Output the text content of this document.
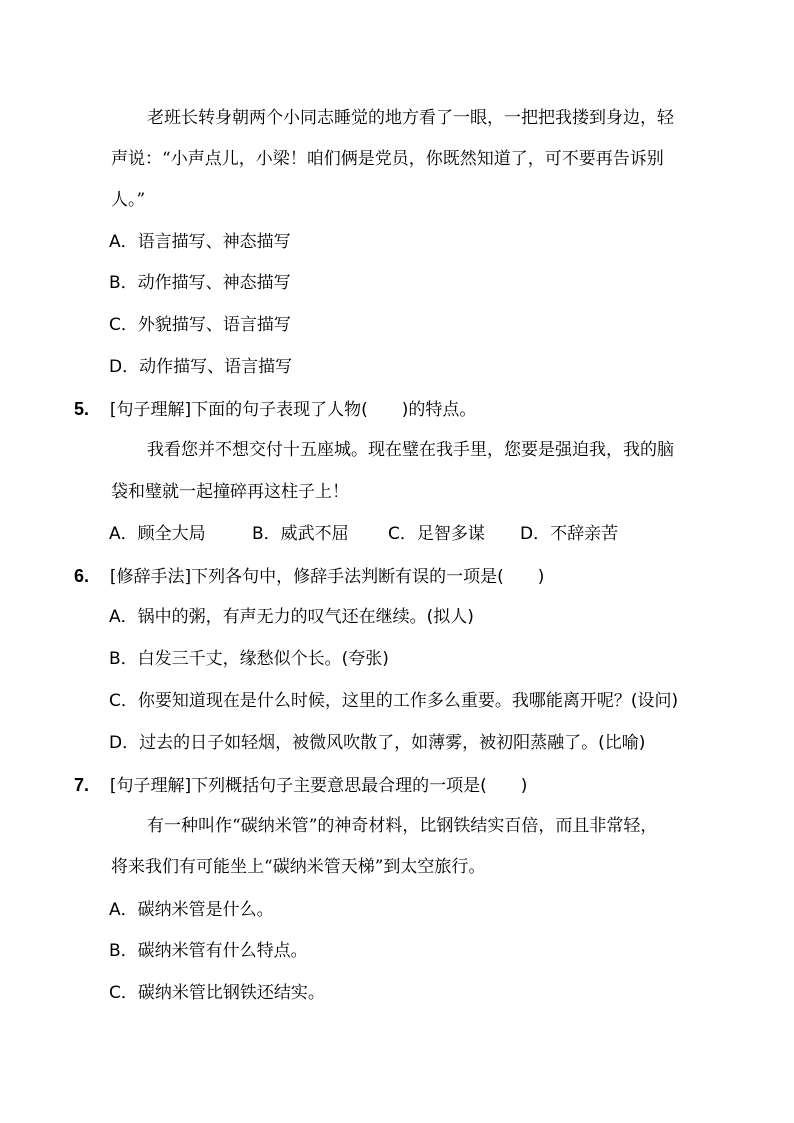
老班长转身朝两个小同志睡觉的地方看了一眼，一把把我搂到身边，轻
声说：“小声点儿，小梁！咱们俩是党员，你既然知道了，可不要再告诉别
人。”
A．语言描写、神态描写
B．动作描写、神态描写
C．外貌描写、语言描写
D．动作描写、语言描写
5. [句子理解]下面的句子表现了人物(　　)的特点。
我看您并不想交付十五座城。现在璧在我手里，您要是强迫我，我的脑
袋和璧就一起撞碎再这柱子上！
A．顾全大局	B．威武不屈 C．足智多谋 D．不辞亲苦
6. [修辞手法]下列各句中，修辞手法判断有误的一项是(　　)
A．锅中的粥，有声无力的叹气还在继续。(拟人)
B．白发三千丈，缘愁似个长。(夸张)
C．你要知道现在是什么时候，这里的工作多么重要。我哪能离开呢？(设问)
D．过去的日子如轻烟，被微风吹散了，如薄雾，被初阳蒸融了。(比喻)
7. [句子理解]下列概括句子主要意思最合理的一项是(　　)
有一种叫作“碳纳米管”的神奇材料，比钢铁结实百倍，而且非常轻，
将来我们有可能坐上“碳纳米管天梯”到太空旅行。
A．碳纳米管是什么。
B．碳纳米管有什么特点。
C．碳纳米管比钢铁还结实。
